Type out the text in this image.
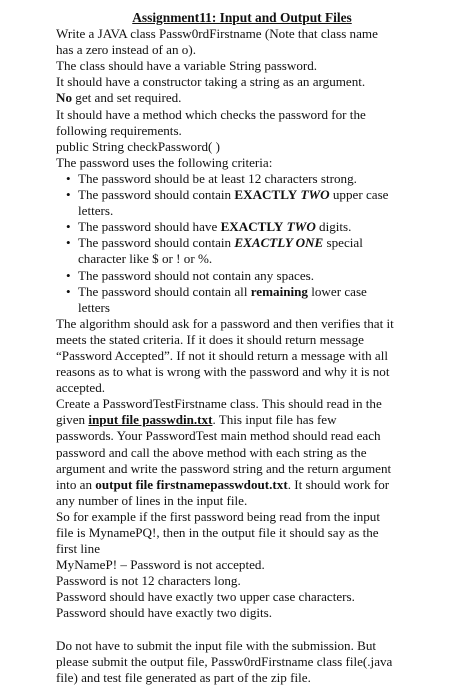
Assignment11: Input and Output Files
Write a JAVA class Passw0rdFirstname (Note that class name
has a zero instead of an o).
The class should have a variable String password.
It should have a constructor taking a string as an argument.
No get and set required.
It should have a method which checks the password for the
following requirements.
public String checkPassword( )
The password uses the following criteria:
• The password should be at least 12 characters strong.
• The password should contain EXACTLY TWO upper case
letters.
• The password should have EXACTLY TWO digits.
• The password should contain EXACTLY ONE special
character like $ or ! or %.
• The password should not contain any spaces.
• The password should contain all remaining lower case
letters
The algorithm should ask for a password and then verifies that it
meets the stated criteria. If it does it should return message
“Password Accepted”. If not it should return a message with all
reasons as to what is wrong with the password and why it is not
accepted.
Create a PasswordTestFirstname class. This should read in the
given input file passwdin.txt. This input file has few
passwords. Your PasswordTest main method should read each
password and call the above method with each string as the
argument and write the password string and the return argument
into an output file firstnamepasswdout.txt. It should work for
any number of lines in the input file.
So for example if the first password being read from the input
file is MynamePQ!, then in the output file it should say as the
first line
MyNameP! – Password is not accepted.
Password is not 12 characters long.
Password should have exactly two upper case characters.
Password should have exactly two digits.
Do not have to submit the input file with the submission. But
please submit the output file, Passw0rdFirstname class file(.java
file) and test file generated as part of the zip file.
